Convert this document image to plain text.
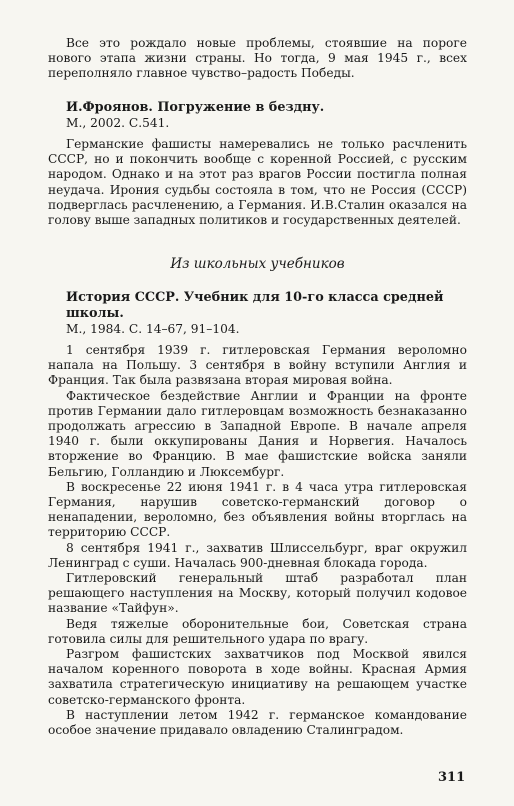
Все это рождало новые проблемы, стоявшие на пороге нового этапа жизни страны. Но тогда, 9 мая 1945 г., всех переполняло главное чувство–радость Победы.

И.Фроянов. Погружение в бездну.

М., 2002. С.541.

Германские фашисты намеревались не только расчленить СССР, но и покончить вообще с коренной Россией, с русским народом. Однако и на этот раз врагов России постигла полная неудача. Ирония судьбы состояла в том, что не Россия (СССР) подверглась расчленению, а Германия. И.В.Сталин оказался на голову выше западных политиков и государственных деятелей.

Из школьных учебников

История СССР. Учебник для 10-го класса средней школы.

М., 1984. С. 14–67, 91–104.

1 сентября 1939 г. гитлеровская Германия вероломно напала на Польшу. 3 сентября в войну вступили Англия и Франция. Так была развязана вторая мировая война.

Фактическое бездействие Англии и Франции на фронте против Германии дало гитлеровцам возможность безнаказанно продолжать агрессию в Западной Европе. В начале апреля 1940 г. были оккупированы Дания и Норвегия. Началось вторжение во Францию. В мае фашистские войска заняли Бельгию, Голландию и Люксембург.

В воскресенье 22 июня 1941 г. в 4 часа утра гитлеровская Германия, нарушив советско-германский договор о ненападении, вероломно, без объявления войны вторглась на территорию СССР.

8 сентября 1941 г., захватив Шлиссельбург, враг окружил Ленинград с суши. Началась 900-дневная блокада города.

Гитлеровский генеральный штаб разработал план решающего наступления на Москву, который получил кодовое название «Тайфун».

Ведя тяжелые оборонительные бои, Советская страна готовила силы для решительного удара по врагу.

Разгром фашистских захватчиков под Москвой явился началом коренного поворота в ходе войны. Красная Армия захватила стратегическую инициативу на решающем участке советско-германского фронта.

В наступлении летом 1942 г. германское командование особое значение придавало овладению Сталинградом.

311
